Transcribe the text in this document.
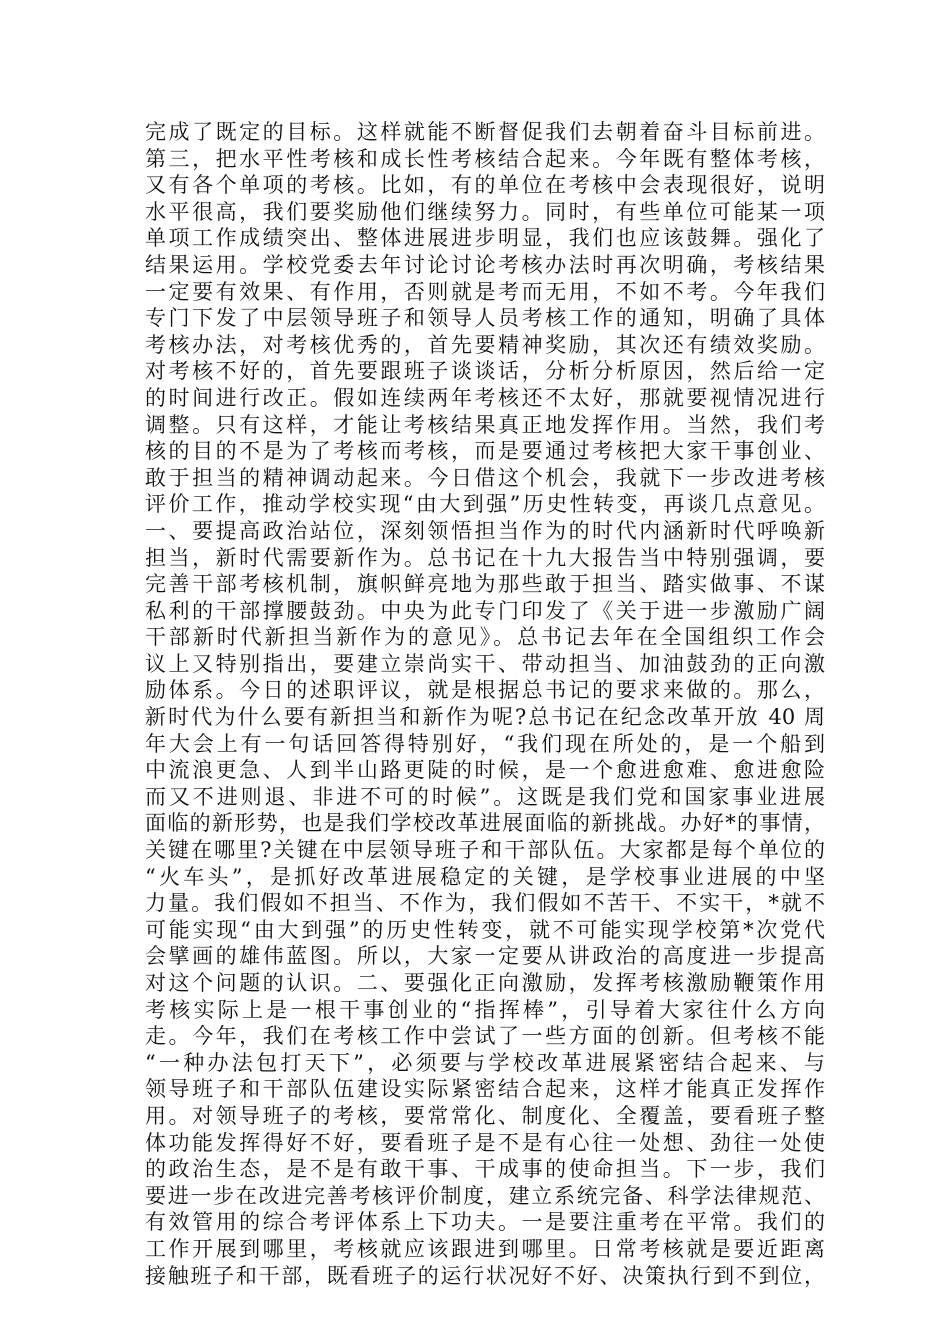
完成了既定的目标。这样就能不断督促我们去朝着奋斗目标前进。
第三，把水平性考核和成长性考核结合起来。今年既有整体考核，
又有各个单项的考核。比如，有的单位在考核中会表现很好，说明
水平很高，我们要奖励他们继续努力。同时，有些单位可能某一项
单项工作成绩突出、整体进展进步明显，我们也应该鼓舞。强化了
结果运用。学校党委去年讨论讨论考核办法时再次明确，考核结果
一定要有效果、有作用，否则就是考而无用，不如不考。今年我们
专门下发了中层领导班子和领导人员考核工作的通知，明确了具体
考核办法，对考核优秀的，首先要精神奖励，其次还有绩效奖励。
对考核不好的，首先要跟班子谈谈话，分析分析原因，然后给一定
的时间进行改正。假如连续两年考核还不太好，那就要视情况进行
调整。只有这样，才能让考核结果真正地发挥作用。当然，我们考
核的目的不是为了考核而考核，而是要通过考核把大家干事创业、
敢于担当的精神调动起来。今日借这个机会，我就下一步改进考核
评价工作，推动学校实现“由大到强”历史性转变，再谈几点意见。
一、要提高政治站位，深刻领悟担当作为的时代内涵新时代呼唤新
担当，新时代需要新作为。总书记在十九大报告当中特别强调，要
完善干部考核机制，旗帜鲜亮地为那些敢于担当、踏实做事、不谋
私利的干部撑腰鼓劲。中央为此专门印发了《关于进一步激励广阔
干部新时代新担当新作为的意见》。总书记去年在全国组织工作会
议上又特别指出，要建立崇尚实干、带动担当、加油鼓劲的正向激
励体系。今日的述职评议，就是根据总书记的要求来做的。那么，
新时代为什么要有新担当和新作为呢?总书记在纪念改革开放 40 周
年大会上有一句话回答得特别好，“我们现在所处的，是一个船到
中流浪更急、人到半山路更陡的时候，是一个愈进愈难、愈进愈险
而又不进则退、非进不可的时候”。这既是我们党和国家事业进展
面临的新形势，也是我们学校改革进展面临的新挑战。办好*的事情，
关键在哪里?关键在中层领导班子和干部队伍。大家都是每个单位的
“火车头”，是抓好改革进展稳定的关键，是学校事业进展的中坚
力量。我们假如不担当、不作为，我们假如不苦干、不实干，*就不
可能实现“由大到强”的历史性转变，就不可能实现学校第*次党代
会擘画的雄伟蓝图。所以，大家一定要从讲政治的高度进一步提高
对这个问题的认识。二、要强化正向激励，发挥考核激励鞭策作用
考核实际上是一根干事创业的“指挥棒”，引导着大家往什么方向
走。今年，我们在考核工作中尝试了一些方面的创新。但考核不能
“一种办法包打天下”，必须要与学校改革进展紧密结合起来、与
领导班子和干部队伍建设实际紧密结合起来，这样才能真正发挥作
用。对领导班子的考核，要常常化、制度化、全覆盖，要看班子整
体功能发挥得好不好，要看班子是不是有心往一处想、劲往一处使
的政治生态，是不是有敢干事、干成事的使命担当。下一步，我们
要进一步在改进完善考核评价制度，建立系统完备、科学法律规范、
有效管用的综合考评体系上下功夫。一是要注重考在平常。我们的
工作开展到哪里，考核就应该跟进到哪里。日常考核就是要近距离
接触班子和干部，既看班子的运行状况好不好、决策执行到不到位，
